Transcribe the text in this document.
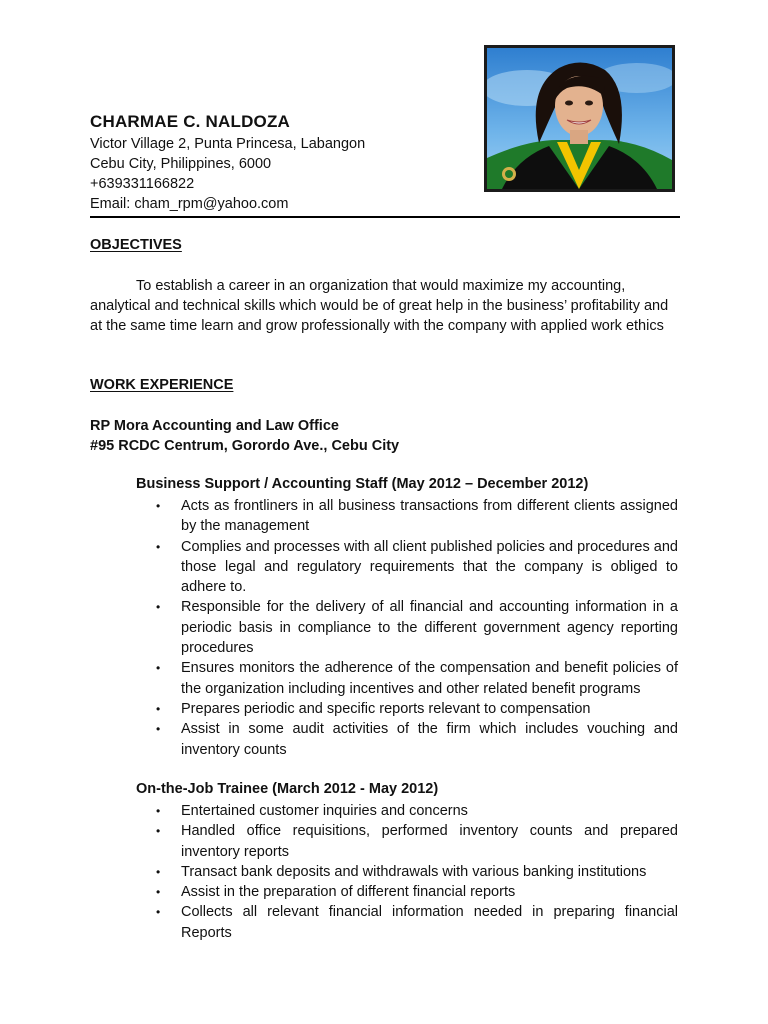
CHARMAE C. NALDOZA
Victor Village 2, Punta Princesa, Labangon
Cebu City, Philippines, 6000
+639331166822
Email: cham_rpm@yahoo.com
OBJECTIVES
To establish a career in an organization that would maximize my accounting, analytical and technical skills which would be of great help in the business’ profitability and at the same time learn and grow professionally with the company with applied work ethics
WORK EXPERIENCE
RP Mora Accounting and Law Office
#95 RCDC Centrum, Gorordo Ave., Cebu City
Business Support / Accounting Staff (May 2012 – December 2012)
• Acts as frontliners in all business transactions from different clients assigned by the management
• Complies and processes with all client published policies and procedures and those legal and regulatory requirements that the company is obliged to adhere to.
• Responsible for the delivery of all financial and accounting information in a periodic basis in compliance to the different government agency reporting procedures
• Ensures monitors the adherence of the compensation and benefit policies of the organization including incentives and other related benefit programs
• Prepares periodic and specific reports relevant to compensation
• Assist in some audit activities of the firm which includes vouching and inventory counts
On-the-Job Trainee (March 2012 - May 2012)
• Entertained customer inquiries and concerns
• Handled office requisitions, performed inventory counts and prepared inventory reports
• Transact bank deposits and withdrawals with various banking institutions
• Assist in the preparation of different financial reports
• Collects all relevant financial information needed in preparing financial Reports
